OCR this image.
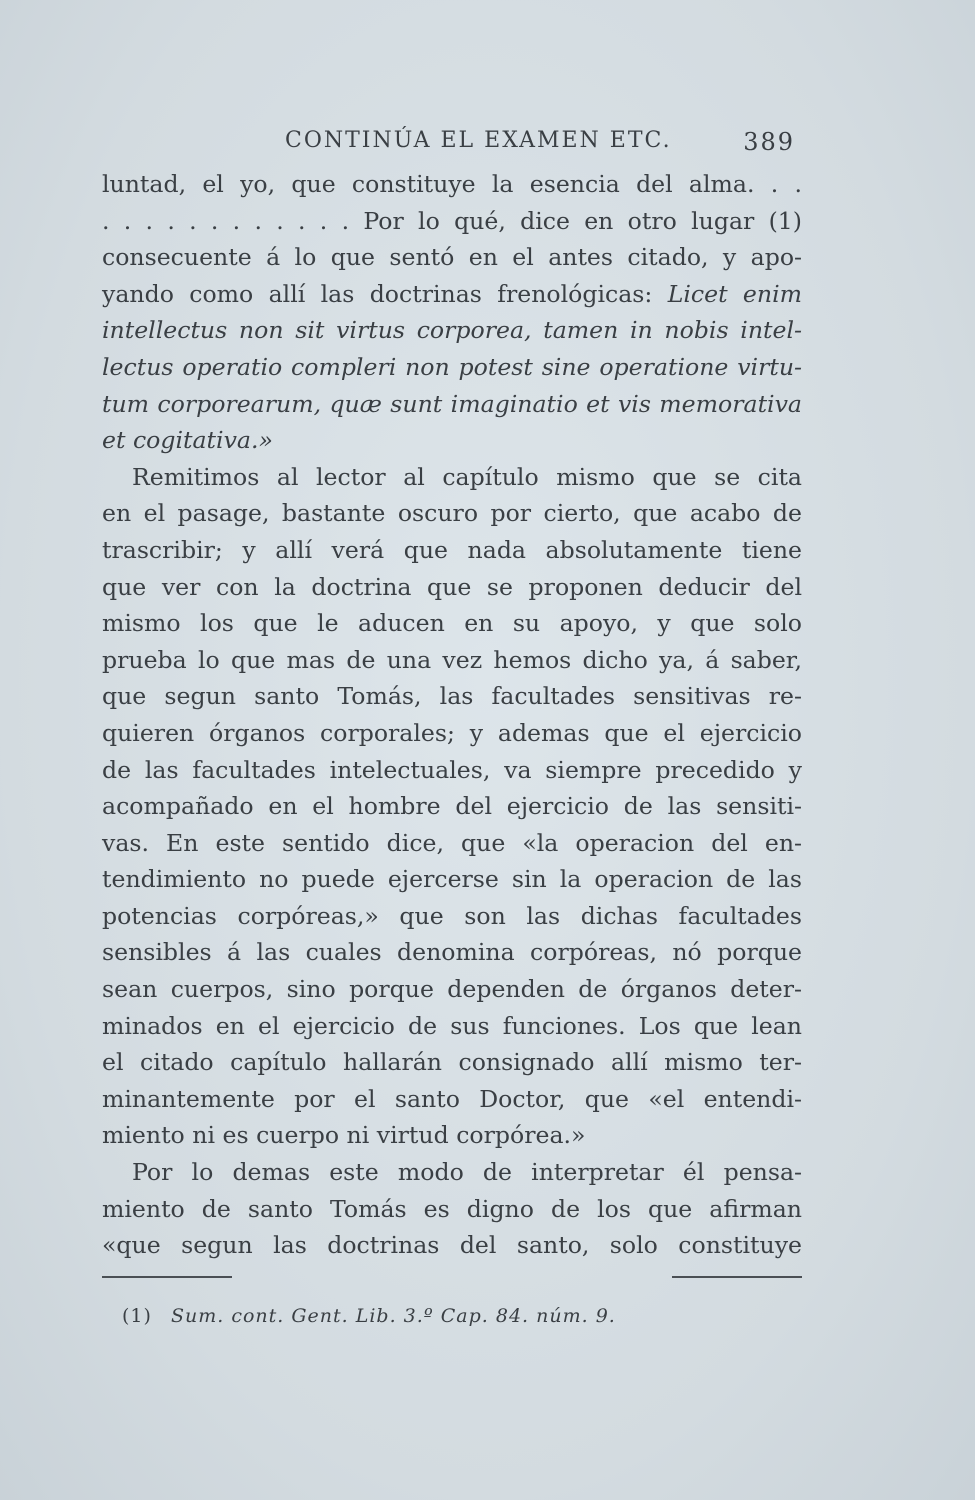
CONTINÚA EL EXAMEN ETC.	389
luntad, el yo, que constituye la esencia del alma. . .
. . . . . . . . . . . . Por lo qué, dice en otro lugar (1)
consecuente á lo que sentó en el antes citado, y apo-
yando como allí las doctrinas frenológicas: Licet enim
intellectus non sit virtus corporea, tamen in nobis intel-
lectus operatio compleri non potest sine operatione virtu-
tum corporearum, quæ sunt imaginatio et vis memorativa
et cogitativa.»
Remitimos al lector al capítulo mismo que se cita
en el pasage, bastante oscuro por cierto, que acabo de
trascribir; y allí verá que nada absolutamente tiene
que ver con la doctrina que se proponen deducir del
mismo los que le aducen en su apoyo, y que solo
prueba lo que mas de una vez hemos dicho ya, á saber,
que segun santo Tomás, las facultades sensitivas re-
quieren órganos corporales; y ademas que el ejercicio
de las facultades intelectuales, va siempre precedido y
acompañado en el hombre del ejercicio de las sensiti-
vas. En este sentido dice, que «la operacion del en-
tendimiento no puede ejercerse sin la operacion de las
potencias corpóreas,» que son las dichas facultades
sensibles á las cuales denomina corpóreas, nó porque
sean cuerpos, sino porque dependen de órganos deter-
minados en el ejercicio de sus funciones. Los que lean
el citado capítulo hallarán consignado allí mismo ter-
minantemente por el santo Doctor, que «el entendi-
miento ni es cuerpo ni virtud corpórea.»
Por lo demas este modo de interpretar él pensa-
miento de santo Tomás es digno de los que afirman
«que segun las doctrinas del santo, solo constituye
(1) Sum. cont. Gent. Lib. 3.º Cap. 84. núm. 9.
